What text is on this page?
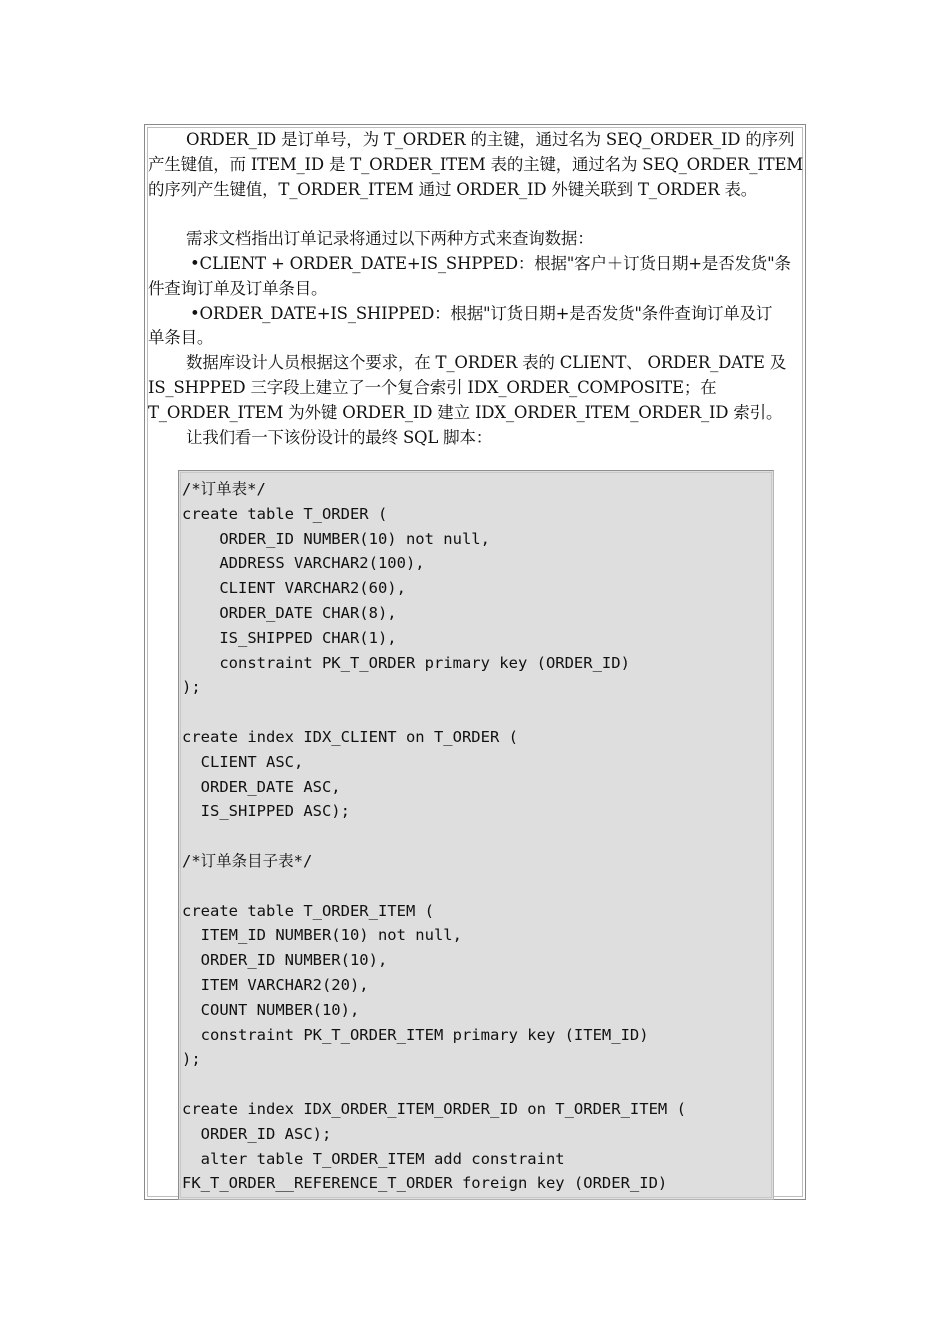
ORDER_ID 是订单号，为 T_ORDER 的主键，通过名为 SEQ_ORDER_ID 的序列
产生键值，而 ITEM_ID 是 T_ORDER_ITEM 表的主键，通过名为 SEQ_ORDER_ITEM
的序列产生键值，T_ORDER_ITEM 通过 ORDER_ID 外键关联到 T_ORDER 表。
需求文档指出订单记录将通过以下两种方式来查询数据：
•CLIENT + ORDER_DATE+IS_SHPPED：根据"客户＋订货日期+是否发货"条
件查询订单及订单条目。
•ORDER_DATE+IS_SHIPPED：根据"订货日期+是否发货"条件查询订单及订
单条目。
数据库设计人员根据这个要求，在 T_ORDER 表的 CLIENT、 ORDER_DATE 及
IS_SHPPED 三字段上建立了一个复合索引 IDX_ORDER_COMPOSITE；在
T_ORDER_ITEM 为外键 ORDER_ID 建立 IDX_ORDER_ITEM_ORDER_ID 索引。
让我们看一下该份设计的最终 SQL 脚本：
/*订单表*/
create table T_ORDER (
ORDER_ID NUMBER(10) not null,
ADDRESS VARCHAR2(100),
CLIENT VARCHAR2(60),
ORDER_DATE CHAR(8),
IS_SHIPPED CHAR(1),
constraint PK_T_ORDER primary key (ORDER_ID)
);
create index IDX_CLIENT on T_ORDER (
CLIENT ASC,
ORDER_DATE ASC,
IS_SHIPPED ASC);
/*订单条目子表*/
create table T_ORDER_ITEM (
ITEM_ID NUMBER(10) not null,
ORDER_ID NUMBER(10),
ITEM VARCHAR2(20),
COUNT NUMBER(10),
constraint PK_T_ORDER_ITEM primary key (ITEM_ID)
);
create index IDX_ORDER_ITEM_ORDER_ID on T_ORDER_ITEM (
ORDER_ID ASC);
alter table T_ORDER_ITEM add constraint
FK_T_ORDER__REFERENCE_T_ORDER foreign key (ORDER_ID)
